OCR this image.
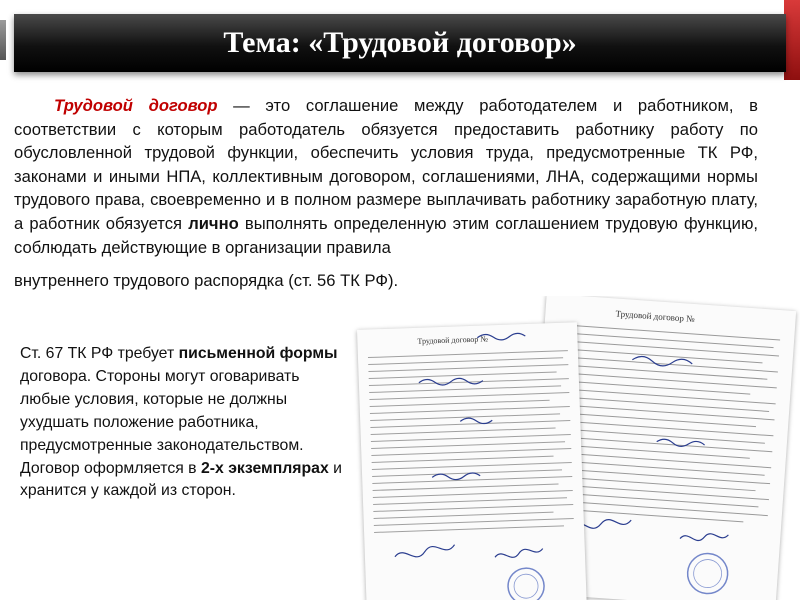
Тема: «Трудовой договор»
Трудовой договор — это соглашение между работодателем и работником, в соответствии с которым работодатель обязуется предоставить работнику работу по обусловленной трудовой функции, обеспечить условия труда, предусмотренные ТК РФ, законами и иными НПА, коллективным договором, соглашениями, ЛНА, содержащими нормы трудового права, своевременно и в полном размере выплачивать работнику заработную плату, а работник обязуется лично выполнять определенную этим соглашением трудовую функцию, соблюдать действующие в организации правила
внутреннего трудового распорядка (ст. 56 ТК РФ).
Ст. 67 ТК РФ требует письменной формы договора. Стороны могут оговаривать любые условия, которые не должны ухудшать положение работника, предусмотренные законодательством.
Договор оформляется в 2-х экземплярах и хранится у каждой из сторон.
Трудовой договор №
Трудовой договор №
